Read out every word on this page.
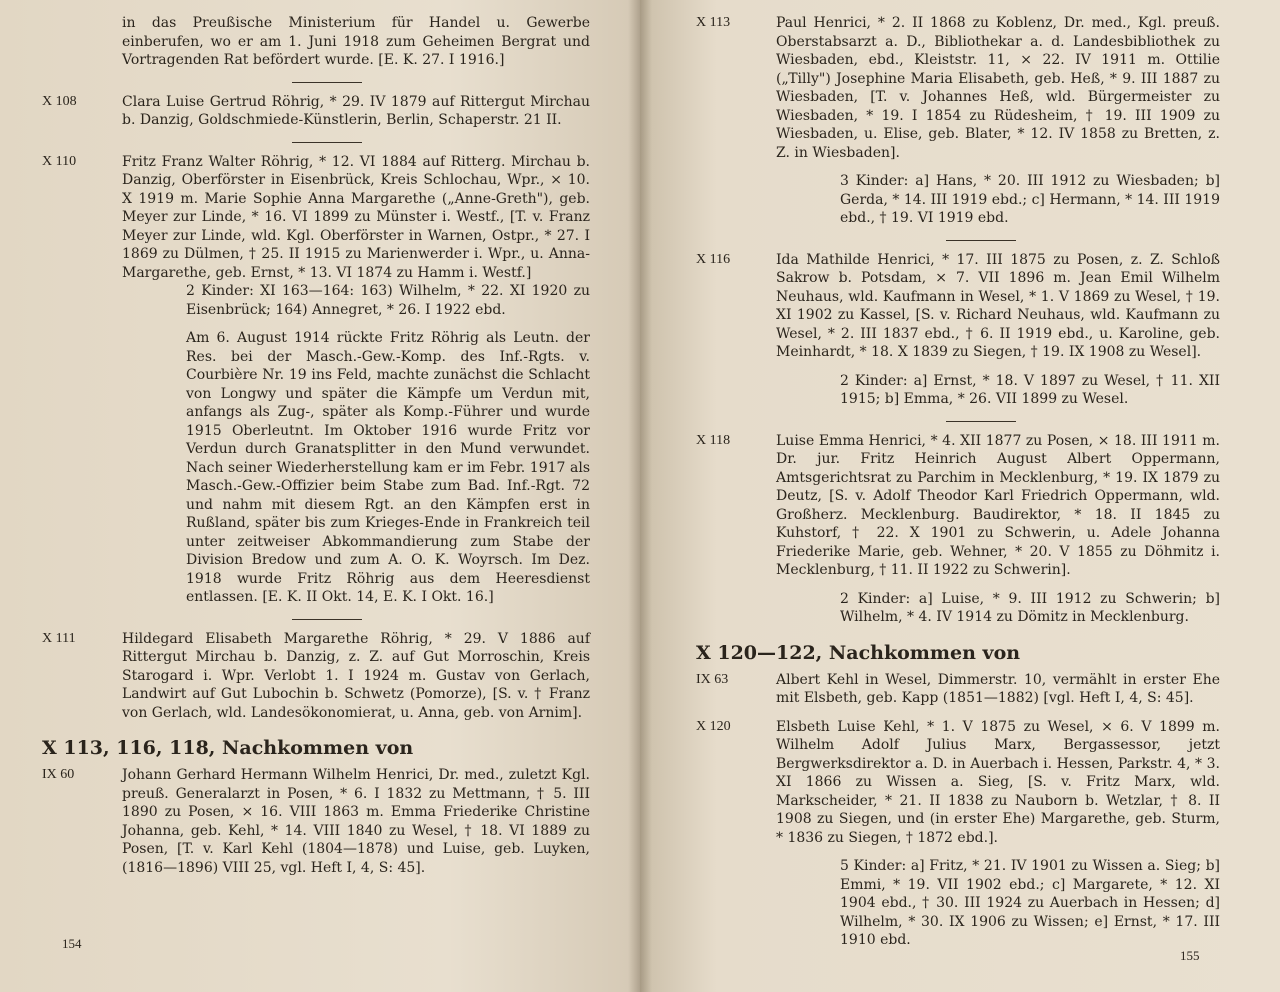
in das Preußische Ministerium für Handel u. Gewerbe einberufen, wo er am 1. Juni 1918 zum Geheimen Bergrat und Vortragenden Rat befördert wurde. [E. K. 27. I 1916.]

X 108	Clara Luise Gertrud Röhrig, * 29. IV 1879 auf Rittergut Mirchau b. Danzig, Goldschmiede-Künstlerin, Berlin, Schaperstr. 21 II.

X 110	Fritz Franz Walter Röhrig, * 12. VI 1884 auf Ritterg. Mirchau b. Danzig, Oberförster in Eisenbrück, Kreis Schlochau, Wpr., × 10. X 1919 m. Marie Sophie Anna Margarethe („Anne-Greth"), geb. Meyer zur Linde, * 16. VI 1899 zu Münster i. Westf., [T. v. Franz Meyer zur Linde, wld. Kgl. Oberförster in Warnen, Ostpr., * 27. I 1869 zu Dülmen, † 25. II 1915 zu Marienwerder i. Wpr., u. Anna-Margarethe, geb. Ernst, * 13. VI 1874 zu Hamm i. Westf.]

2 Kinder: XI 163—164: 163) Wilhelm, * 22. XI 1920 zu Eisenbrück; 164) Annegret, * 26. I 1922 ebd.

Am 6. August 1914 rückte Fritz Röhrig als Leutn. der Res. bei der Masch.-Gew.-Komp. des Inf.-Rgts. v. Courbière Nr. 19 ins Feld, machte zunächst die Schlacht von Longwy und später die Kämpfe um Verdun mit, anfangs als Zug-, später als Komp.-Führer und wurde 1915 Oberleutnt. Im Oktober 1916 wurde Fritz vor Verdun durch Granatsplitter in den Mund verwundet. Nach seiner Wiederherstellung kam er im Febr. 1917 als Masch.-Gew.-Offizier beim Stabe zum Bad. Inf.-Rgt. 72 und nahm mit diesem Rgt. an den Kämpfen erst in Rußland, später bis zum Krieges-Ende in Frankreich teil unter zeitweiser Abkommandierung zum Stabe der Division Bredow und zum A. O. K. Woyrsch. Im Dez. 1918 wurde Fritz Röhrig aus dem Heeresdienst entlassen. [E. K. II Okt. 14, E. K. I Okt. 16.]

X 111	Hildegard Elisabeth Margarethe Röhrig, * 29. V 1886 auf Rittergut Mirchau b. Danzig, z. Z. auf Gut Morroschin, Kreis Starogard i. Wpr. Verlobt 1. I 1924 m. Gustav von Gerlach, Landwirt auf Gut Lubochin b. Schwetz (Pomorze), [S. v. † Franz von Gerlach, wld. Landesökonomierat, u. Anna, geb. von Arnim].

X 113, 116, 118, Nachkommen von
IX 60	Johann Gerhard Hermann Wilhelm Henrici, Dr. med., zuletzt Kgl. preuß. Generalarzt in Posen, * 6. I 1832 zu Mettmann, † 5. III 1890 zu Posen, × 16. VIII 1863 m. Emma Friederike Christine Johanna, geb. Kehl, * 14. VIII 1840 zu Wesel, † 18. VI 1889 zu Posen, [T. v. Karl Kehl (1804—1878) und Luise, geb. Luyken, (1816—1896) VIII 25, vgl. Heft I, 4, S: 45].

154
X 113	Paul Henrici, * 2. II 1868 zu Koblenz, Dr. med., Kgl. preuß. Oberstabsarzt a. D., Bibliothekar a. d. Landesbibliothek zu Wiesbaden, ebd., Kleiststr. 11, × 22. IV 1911 m. Ottilie („Tilly") Josephine Maria Elisabeth, geb. Heß, * 9. III 1887 zu Wiesbaden, [T. v. Johannes Heß, wld. Bürgermeister zu Wiesbaden, * 19. I 1854 zu Rüdesheim, † 19. III 1909 zu Wiesbaden, u. Elise, geb. Blater, * 12. IV 1858 zu Bretten, z. Z. in Wiesbaden].

3 Kinder: a] Hans, * 20. III 1912 zu Wiesbaden; b] Gerda, * 14. III 1919 ebd.; c] Hermann, * 14. III 1919 ebd., † 19. VI 1919 ebd.

X 116	Ida Mathilde Henrici, * 17. III 1875 zu Posen, z. Z. Schloß Sakrow b. Potsdam, × 7. VII 1896 m. Jean Emil Wilhelm Neuhaus, wld. Kaufmann in Wesel, * 1. V 1869 zu Wesel, † 19. XI 1902 zu Kassel, [S. v. Richard Neuhaus, wld. Kaufmann zu Wesel, * 2. III 1837 ebd., † 6. II 1919 ebd., u. Karoline, geb. Meinhardt, * 18. X 1839 zu Siegen, † 19. IX 1908 zu Wesel].

2 Kinder: a] Ernst, * 18. V 1897 zu Wesel, † 11. XII 1915; b] Emma, * 26. VII 1899 zu Wesel.

X 118	Luise Emma Henrici, * 4. XII 1877 zu Posen, × 18. III 1911 m. Dr. jur. Fritz Heinrich August Albert Oppermann, Amtsgerichtsrat zu Parchim in Mecklenburg, * 19. IX 1879 zu Deutz, [S. v. Adolf Theodor Karl Friedrich Oppermann, wld. Großherz. Mecklenburg. Baudirektor, * 18. II 1845 zu Kuhstorf, † 22. X 1901 zu Schwerin, u. Adele Johanna Friederike Marie, geb. Wehner, * 20. V 1855 zu Döhmitz i. Mecklenburg, † 11. II 1922 zu Schwerin].

2 Kinder: a] Luise, * 9. III 1912 zu Schwerin; b] Wilhelm, * 4. IV 1914 zu Dömitz in Mecklenburg.

X 120—122, Nachkommen von
IX 63	Albert Kehl in Wesel, Dimmerstr. 10, vermählt in erster Ehe mit Elsbeth, geb. Kapp (1851—1882) [vgl. Heft I, 4, S: 45].

X 120	Elsbeth Luise Kehl, * 1. V 1875 zu Wesel, × 6. V 1899 m. Wilhelm Adolf Julius Marx, Bergassessor, jetzt Bergwerksdirektor a. D. in Auerbach i. Hessen, Parkstr. 4, * 3. XI 1866 zu Wissen a. Sieg, [S. v. Fritz Marx, wld. Markscheider, * 21. II 1838 zu Nauborn b. Wetzlar, † 8. II 1908 zu Siegen, und (in erster Ehe) Margarethe, geb. Sturm, * 1836 zu Siegen, † 1872 ebd.].

5 Kinder: a] Fritz, * 21. IV 1901 zu Wissen a. Sieg; b] Emmi, * 19. VII 1902 ebd.; c] Margarete, * 12. XI 1904 ebd., † 30. III 1924 zu Auerbach in Hessen; d] Wilhelm, * 30. IX 1906 zu Wissen; e] Ernst, * 17. III 1910 ebd.

155
